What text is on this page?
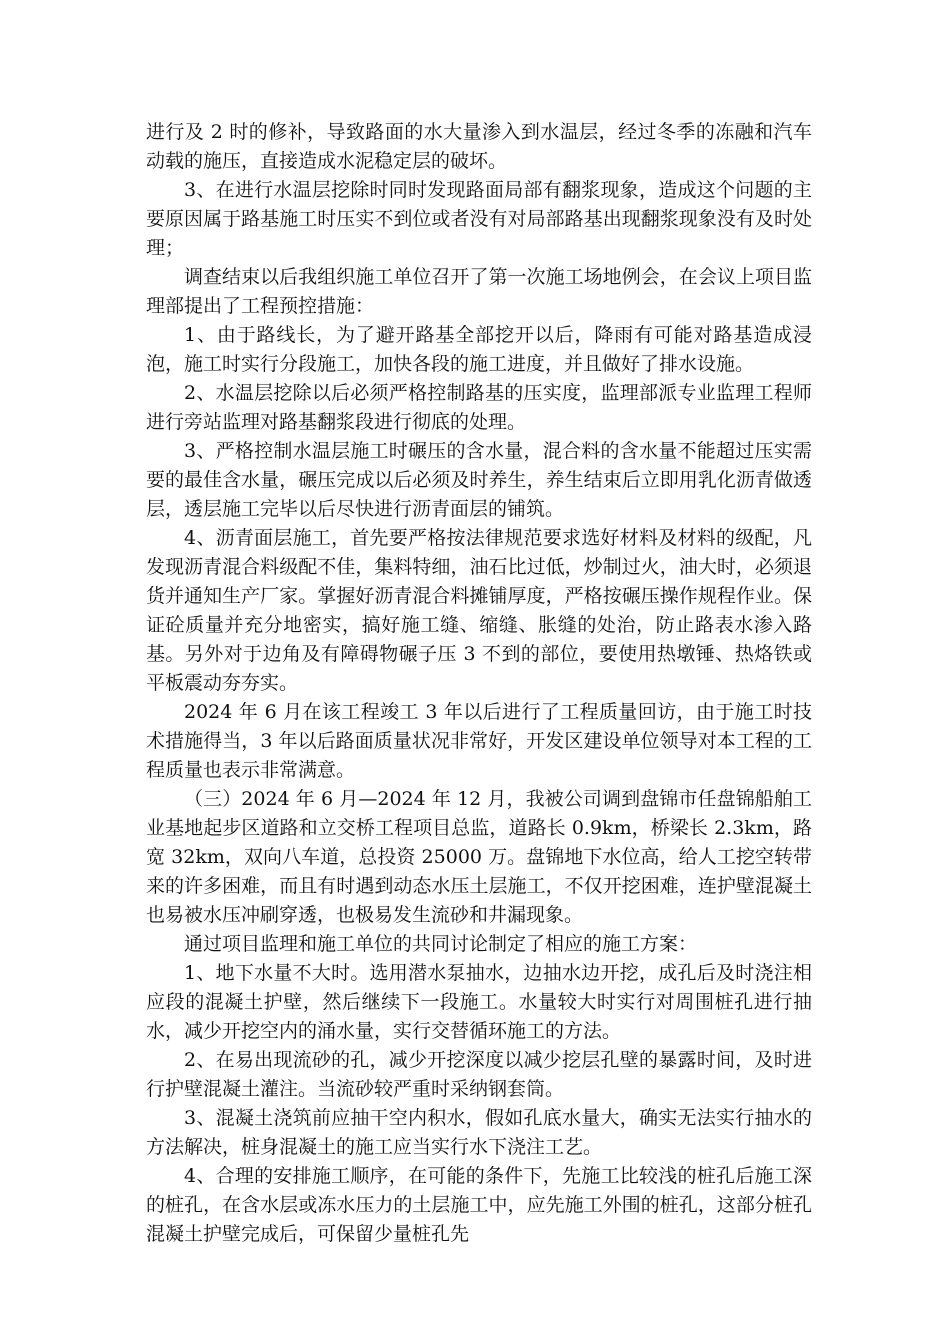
进行及 2 时的修补，导致路面的水大量渗入到水温层，经过冬季的冻融和汽车动载的施压，直接造成水泥稳定层的破坏。

3、在进行水温层挖除时同时发现路面局部有翻浆现象，造成这个问题的主要原因属于路基施工时压实不到位或者没有对局部路基出现翻浆现象没有及时处理；

调查结束以后我组织施工单位召开了第一次施工场地例会，在会议上项目监理部提出了工程预控措施：

1、由于路线长，为了避开路基全部挖开以后，降雨有可能对路基造成浸泡，施工时实行分段施工，加快各段的施工进度，并且做好了排水设施。

2、水温层挖除以后必须严格控制路基的压实度，监理部派专业监理工程师进行旁站监理对路基翻浆段进行彻底的处理。

3、严格控制水温层施工时碾压的含水量，混合料的含水量不能超过压实需要的最佳含水量，碾压完成以后必须及时养生，养生结束后立即用乳化沥青做透层，透层施工完毕以后尽快进行沥青面层的铺筑。

4、沥青面层施工，首先要严格按法律规范要求选好材料及材料的级配，凡发现沥青混合料级配不佳，集料特细，油石比过低，炒制过火，油大时，必须退货并通知生产厂家。掌握好沥青混合料摊铺厚度，严格按碾压操作规程作业。保证砼质量并充分地密实，搞好施工缝、缩缝、胀缝的处治，防止路表水渗入路基。另外对于边角及有障碍物碾子压 3 不到的部位，要使用热墩锤、热烙铁或平板震动夯夯实。

2024 年 6 月在该工程竣工 3 年以后进行了工程质量回访，由于施工时技术措施得当，3 年以后路面质量状况非常好，开发区建设单位领导对本工程的工程质量也表示非常满意。

（三）2024 年 6 月—2024 年 12 月，我被公司调到盘锦市任盘锦船舶工业基地起步区道路和立交桥工程项目总监，道路长 0.9km，桥梁长 2.3km，路宽 32km，双向八车道，总投资 25000 万。盘锦地下水位高，给人工挖空转带来的许多困难，而且有时遇到动态水压土层施工，不仅开挖困难，连护壁混凝土也易被水压冲刷穿透，也极易发生流砂和井漏现象。

通过项目监理和施工单位的共同讨论制定了相应的施工方案：

1、地下水量不大时。选用潜水泵抽水，边抽水边开挖，成孔后及时浇注相应段的混凝土护壁，然后继续下一段施工。水量较大时实行对周围桩孔进行抽水，减少开挖空内的涌水量，实行交替循环施工的方法。

2、在易出现流砂的孔，减少开挖深度以减少挖层孔壁的暴露时间，及时进行护壁混凝土灌注。当流砂较严重时采纳钢套筒。

3、混凝土浇筑前应抽干空内积水，假如孔底水量大，确实无法实行抽水的方法解决，桩身混凝土的施工应当实行水下浇注工艺。

4、合理的安排施工顺序，在可能的条件下，先施工比较浅的桩孔后施工深的桩孔，在含水层或冻水压力的土层施工中，应先施工外围的桩孔，这部分桩孔混凝土护壁完成后，可保留少量桩孔先
